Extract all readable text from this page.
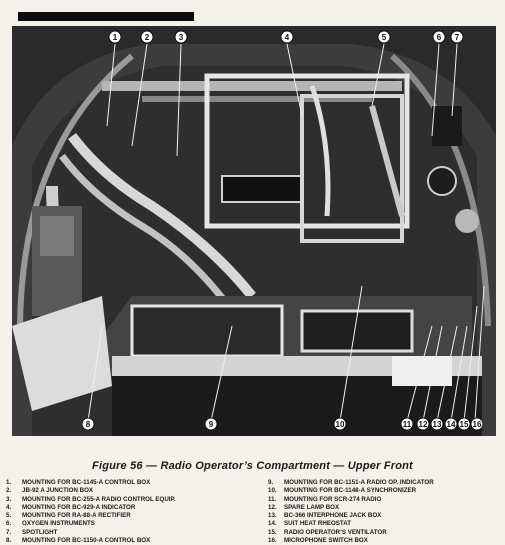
1	2	3	4	5	6 7
8	9	10	11 12 13 14 15 16
Figure 56 — Radio Operator’s Compartment — Upper Front
1. MOUNTING FOR BC-1145-A CONTROL BOX
2. JB-92 A JUNCTION BOX
3. MOUNTING FOR BC-255-A RADIO CONTROL EQUIP.
4. MOUNTING FOR BC-929-A INDICATOR
5. MOUNTING FOR RA-88-A RECTIFIER
6. OXYGEN INSTRUMENTS
7. SPOTLIGHT
8. MOUNTING FOR BC-1150-A CONTROL BOX
9. MOUNTING FOR BC-1151-A RADIO OP. INDICATOR
10. MOUNTING FOR BC-1148-A SYNCHRONIZER
11. MOUNTING FOR SCR-274 RADIO
12. SPARE LAMP BOX
13. BC-366 INTERPHONE JACK BOX
14. SUIT HEAT RHEOSTAT
15. RADIO OPERATOR’S VENTILATOR
16. MICROPHONE SWITCH BOX
